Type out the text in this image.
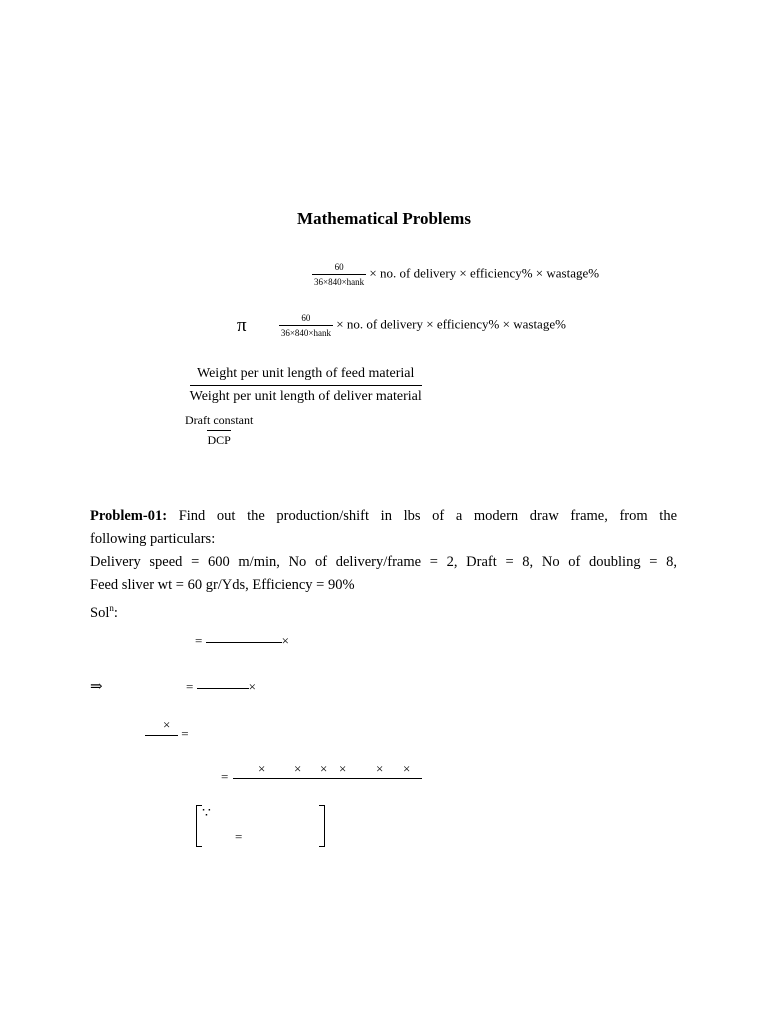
Mathematical Problems
$\frac{60}{\text{36×840×hank}}$ × no. of delivery × efficiency% × wastage%
π	$\frac{60}{\text{36×840×hank}}$ × no. of delivery × efficiency% × wastage%
$\frac{\text{Weight per unit length of feed material}}{\text{Weight per unit length of deliver material}}$
$\frac{\text{Draft constant}}{\text{DCP}}$
Problem-01: Find out the production/shift in lbs of a modern draw frame, from the
following particulars:
Delivery speed = 600 m/min, No of delivery/frame = 2, Draft = 8, No of doubling = 8,
Feed sliver wt = 60 gr/Yds, Efficiency = 90%
Sol$^n$:
=	×
⇒	=	×
×
=
=
× × × × × ×
∵
=
